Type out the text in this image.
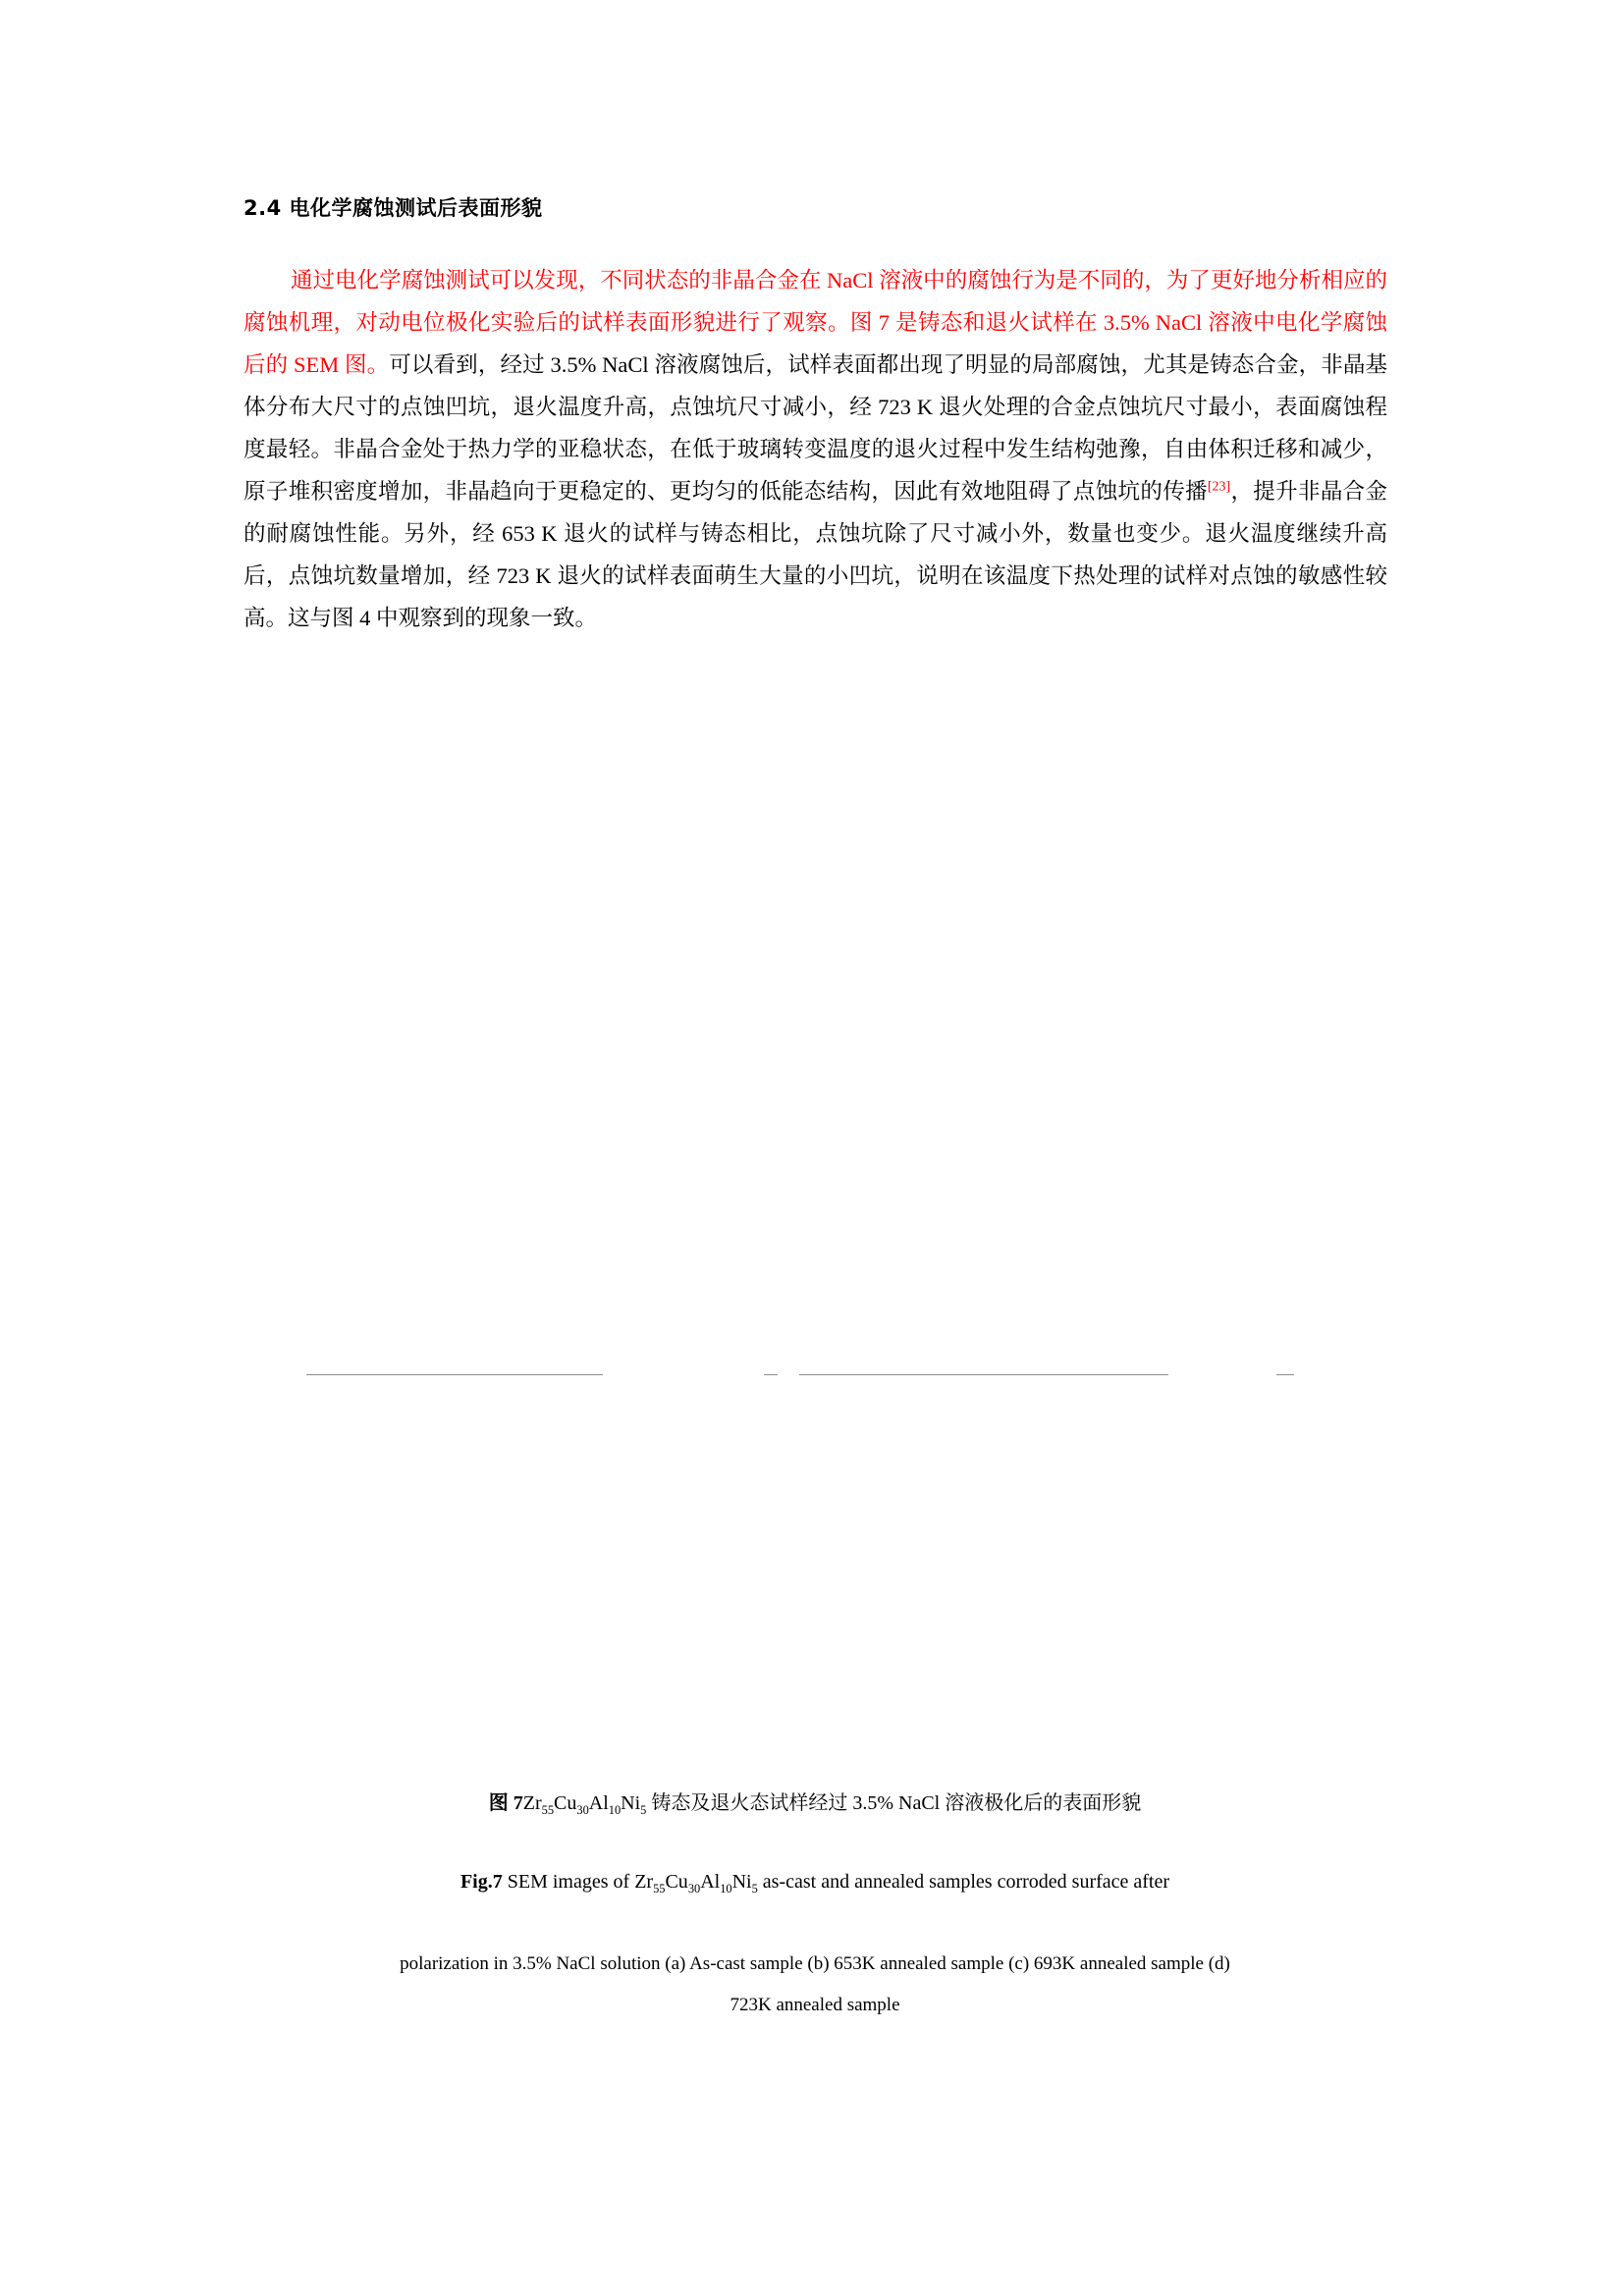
2.4 电化学腐蚀测试后表面形貌

通过电化学腐蚀测试可以发现，不同状态的非晶合金在 NaCl 溶液中的腐蚀行为是不同的，为了更好地分析相应的腐蚀机理，对动电位极化实验后的试样表面形貌进行了观察。图 7 是铸态和退火试样在 3.5% NaCl 溶液中电化学腐蚀后的 SEM 图。可以看到，经过 3.5% NaCl 溶液腐蚀后，试样表面都出现了明显的局部腐蚀，尤其是铸态合金，非晶基体分布大尺寸的点蚀凹坑，退火温度升高，点蚀坑尺寸减小，经 723 K 退火处理的合金点蚀坑尺寸最小，表面腐蚀程度最轻。非晶合金处于热力学的亚稳状态，在低于玻璃转变温度的退火过程中发生结构弛豫，自由体积迁移和减少，原子堆积密度增加，非晶趋向于更稳定的、更均匀的低能态结构，因此有效地阻碍了点蚀坑的传播[23]，提升非晶合金的耐腐蚀性能。另外，经 653 K 退火的试样与铸态相比，点蚀坑除了尺寸减小外，数量也变少。退火温度继续升高后，点蚀坑数量增加，经 723 K 退火的试样表面萌生大量的小凹坑，说明在该温度下热处理的试样对点蚀的敏感性较高。这与图 4 中观察到的现象一致。

图 $7Zr_{55}Cu_{30}Al_{10}Ni_5$ 铸态及退火态试样经过 3.5% NaCl 溶液极化后的表面形貌

Fig.7 SEM images of $Zr_{55}Cu_{30}Al_{10}Ni_5$ as-cast and annealed samples corroded surface after

polarization in 3.5% NaCl solution (a) As-cast sample (b) 653K annealed sample (c) 693K annealed sample (d)
723K annealed sample
